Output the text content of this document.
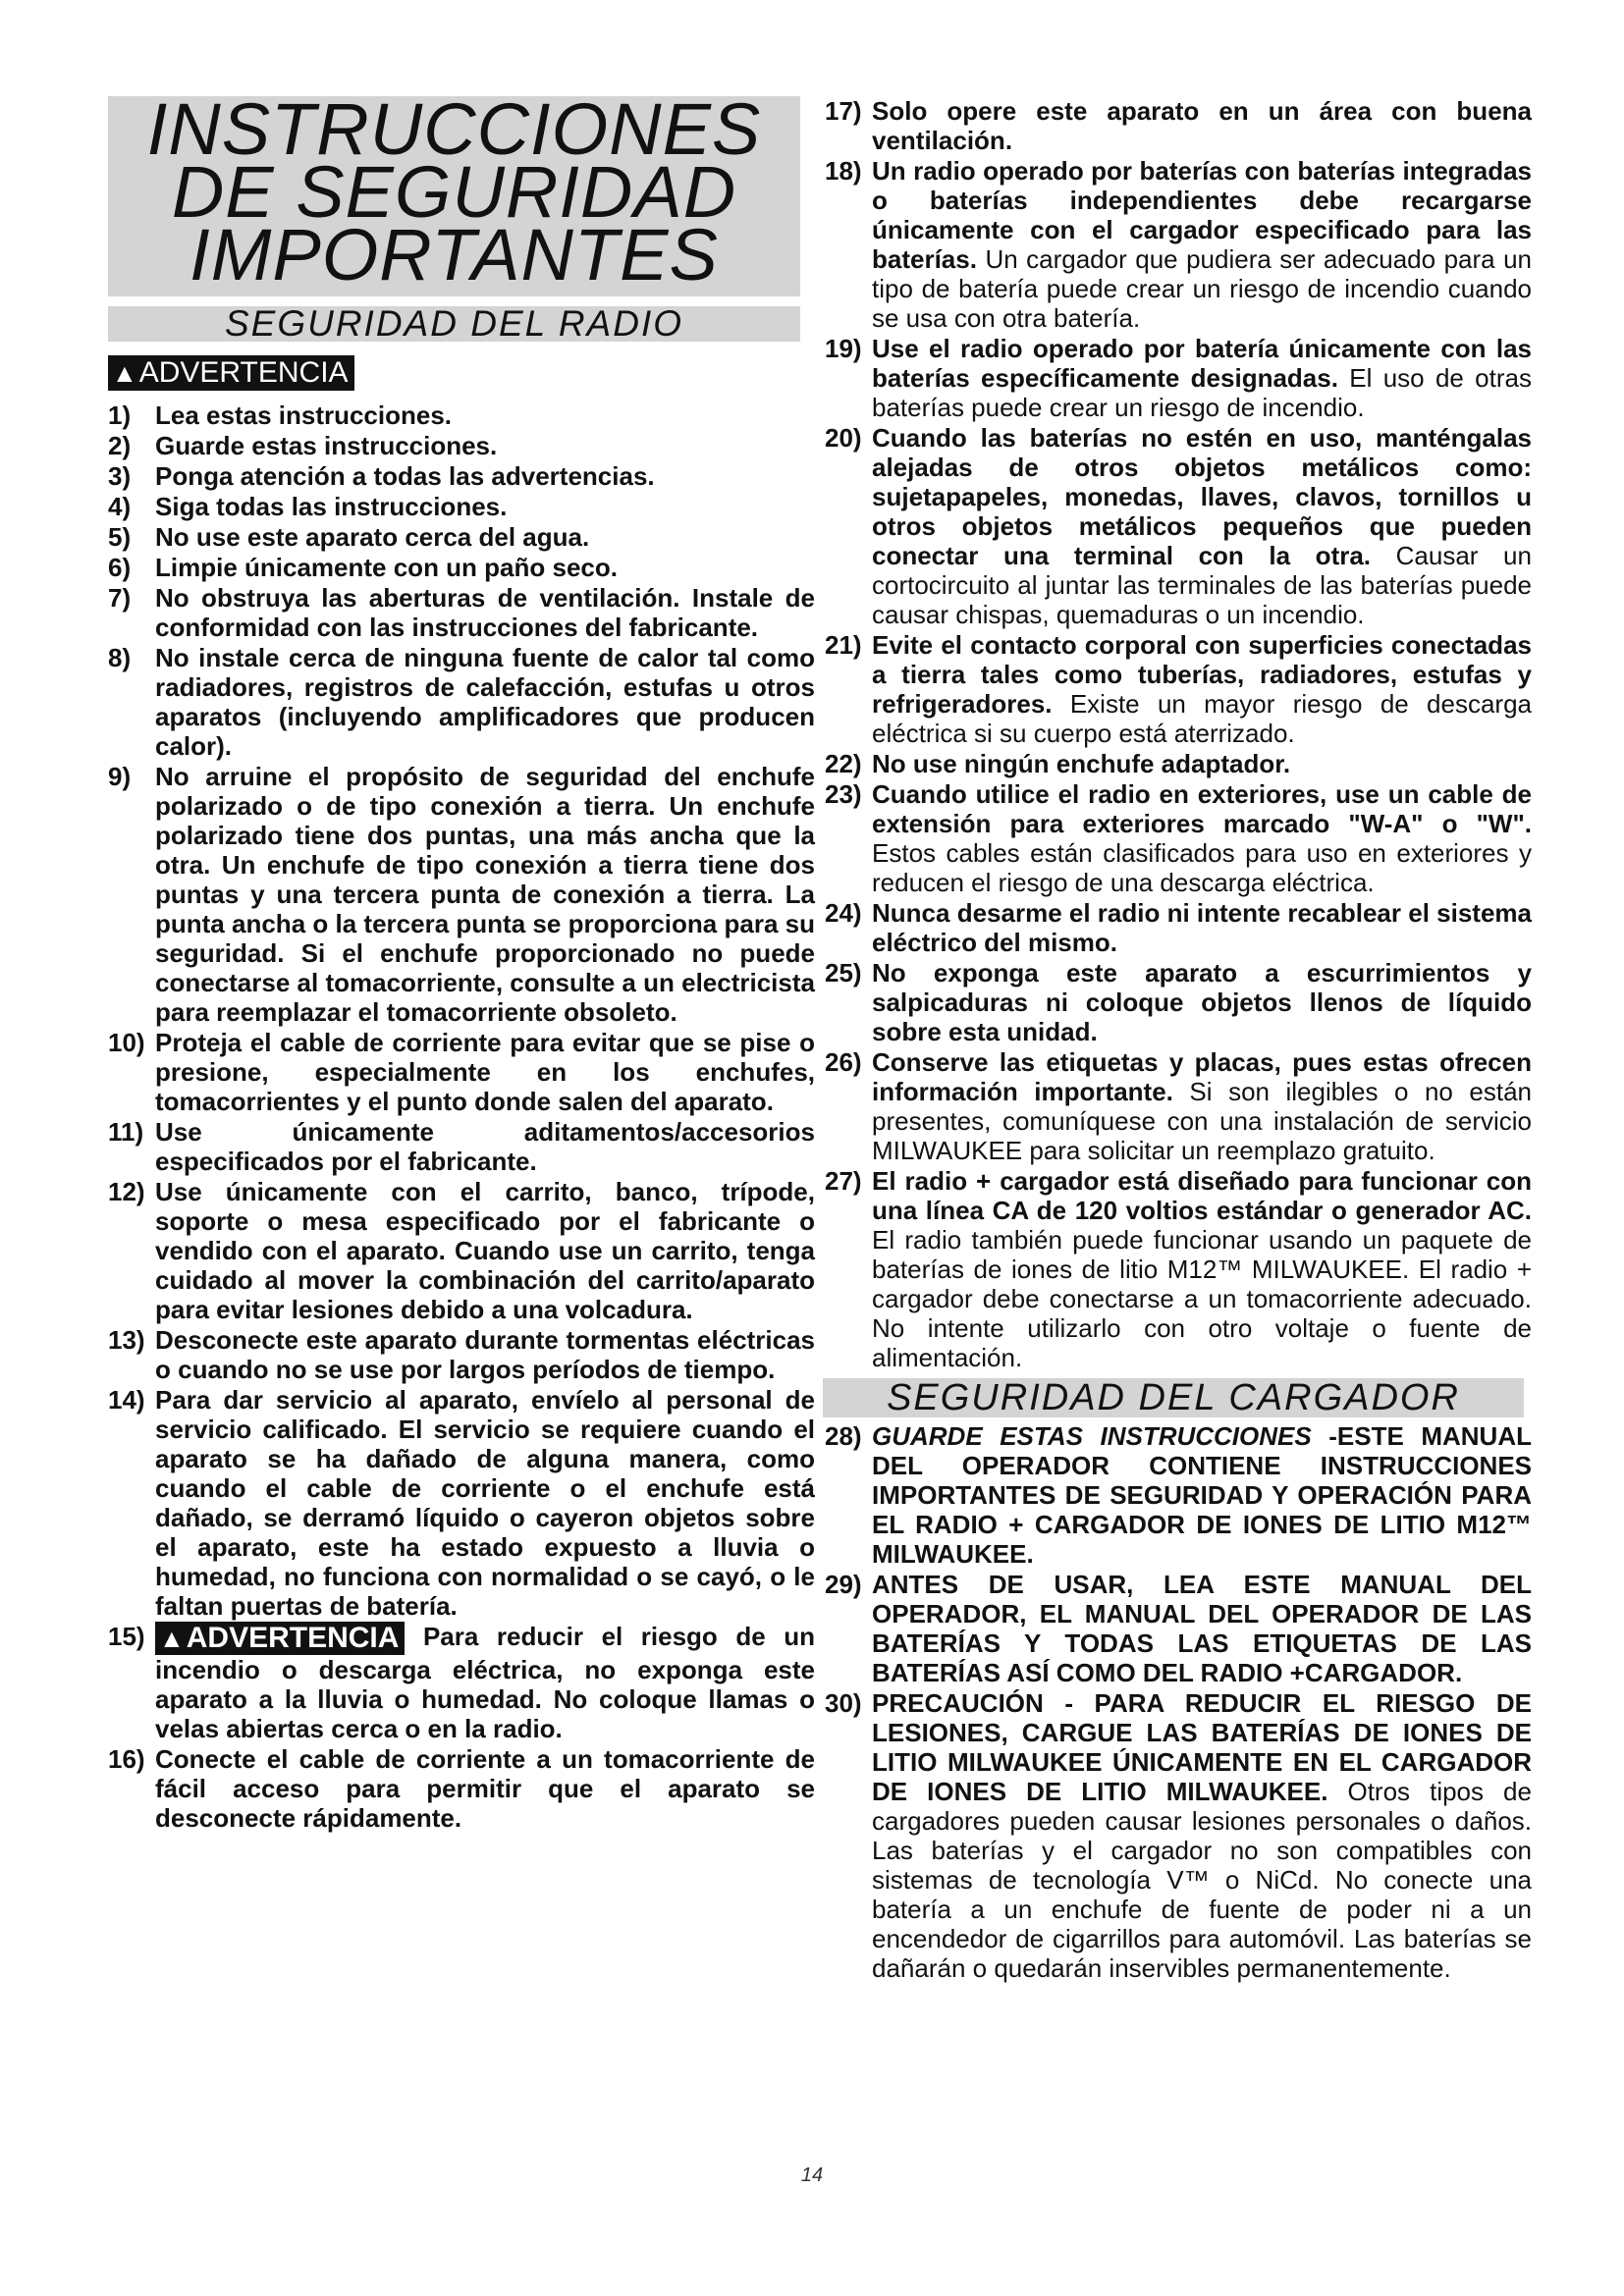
INSTRUCCIONES
DE SEGURIDAD
IMPORTANTES
SEGURIDAD DEL RADIO
▲ADVERTENCIA
1) Lea estas instrucciones.
2) Guarde estas instrucciones.
3) Ponga atención a todas las advertencias.
4) Siga todas las instrucciones.
5) No use este aparato cerca del agua.
6) Limpie únicamente con un paño seco.
7) No obstruya las aberturas de ventilación. Instale de conformidad con las instrucciones del fabricante.
8) No instale cerca de ninguna fuente de calor tal como radiadores, registros de calefacción, estufas u otros aparatos (incluyendo amplificadores que producen calor).
9) No arruine el propósito de seguridad del enchufe polarizado o de tipo conexión a tierra. Un enchufe polarizado tiene dos puntas, una más ancha que la otra. Un enchufe de tipo conexión a tierra tiene dos puntas y una tercera punta de conexión a tierra. La punta ancha o la tercera punta se proporciona para su seguridad. Si el enchufe proporcionado no puede conectarse al tomacorriente, consulte a un electricista para reemplazar el tomacorriente obsoleto.
10) Proteja el cable de corriente para evitar que se pise o presione, especialmente en los enchufes, tomacorrientes y el punto donde salen del aparato.
11) Use únicamente aditamentos/accesorios especificados por el fabricante.
12) Use únicamente con el carrito, banco, trípode, soporte o mesa especificado por el fabricante o vendido con el aparato. Cuando use un carrito, tenga cuidado al mover la combinación del carrito/aparato para evitar lesiones debido a una volcadura.
13) Desconecte este aparato durante tormentas eléctricas o cuando no se use por largos períodos de tiempo.
14) Para dar servicio al aparato, envíelo al personal de servicio calificado. El servicio se requiere cuando el aparato se ha dañado de alguna manera, como cuando el cable de corriente o el enchufe está dañado, se derramó líquido o cayeron objetos sobre el aparato, este ha estado expuesto a lluvia o humedad, no funciona con normalidad o se cayó, o le faltan puertas de batería.
15) ▲ADVERTENCIA Para reducir el riesgo de un incendio o descarga eléctrica, no exponga este aparato a la lluvia o humedad. No coloque llamas o velas abiertas cerca o en la radio.
16) Conecte el cable de corriente a un tomacorriente de fácil acceso para permitir que el aparato se desconecte rápidamente.
17) Solo opere este aparato en un área con buena ventilación.
18) Un radio operado por baterías con baterías integradas o baterías independientes debe recargarse únicamente con el cargador especificado para las baterías. Un cargador que pudiera ser adecuado para un tipo de batería puede crear un riesgo de incendio cuando se usa con otra batería.
19) Use el radio operado por batería únicamente con las baterías específicamente designadas. El uso de otras baterías puede crear un riesgo de incendio.
20) Cuando las baterías no estén en uso, manténgalas alejadas de otros objetos metálicos como: sujetapapeles, monedas, llaves, clavos, tornillos u otros objetos metálicos pequeños que pueden conectar una terminal con la otra. Causar un cortocircuito al juntar las terminales de las baterías puede causar chispas, quemaduras o un incendio.
21) Evite el contacto corporal con superficies conectadas a tierra tales como tuberías, radiadores, estufas y refrigeradores. Existe un mayor riesgo de descarga eléctrica si su cuerpo está aterrizado.
22) No use ningún enchufe adaptador.
23) Cuando utilice el radio en exteriores, use un cable de extensión para exteriores marcado "W-A" o "W". Estos cables están clasificados para uso en exteriores y reducen el riesgo de una descarga eléctrica.
24) Nunca desarme el radio ni intente recablear el sistema eléctrico del mismo.
25) No exponga este aparato a escurrimientos y salpicaduras ni coloque objetos llenos de líquido sobre esta unidad.
26) Conserve las etiquetas y placas, pues estas ofrecen información importante. Si son ilegibles o no están presentes, comuníquese con una instalación de servicio MILWAUKEE para solicitar un reemplazo gratuito.
27) El radio + cargador está diseñado para funcionar con una línea CA de 120 voltios estándar o generador AC. El radio también puede funcionar usando un paquete de baterías de iones de litio M12™ MILWAUKEE. El radio + cargador debe conectarse a un tomacorriente adecuado. No intente utilizarlo con otro voltaje o fuente de alimentación.
SEGURIDAD DEL CARGADOR
28) GUARDE ESTAS INSTRUCCIONES -ESTE MANUAL DEL OPERADOR CONTIENE INSTRUCCIONES IMPORTANTES DE SEGURIDAD Y OPERACIÓN PARA EL RADIO + CARGADOR DE IONES DE LITIO M12™ MILWAUKEE.
29) ANTES DE USAR, LEA ESTE MANUAL DEL OPERADOR, EL MANUAL DEL OPERADOR DE LAS BATERÍAS Y TODAS LAS ETIQUETAS DE LAS BATERÍAS ASÍ COMO DEL RADIO +CARGADOR.
30) PRECAUCIÓN - PARA REDUCIR EL RIESGO DE LESIONES, CARGUE LAS BATERÍAS DE IONES DE LITIO MILWAUKEE ÚNICAMENTE EN EL CARGADOR DE IONES DE LITIO MILWAUKEE. Otros tipos de cargadores pueden causar lesiones personales o daños. Las baterías y el cargador no son compatibles con sistemas de tecnología V™ o NiCd. No conecte una batería a un enchufe de fuente de poder ni a un encendedor de cigarrillos para automóvil. Las baterías se dañarán o quedarán inservibles permanentemente.
14
